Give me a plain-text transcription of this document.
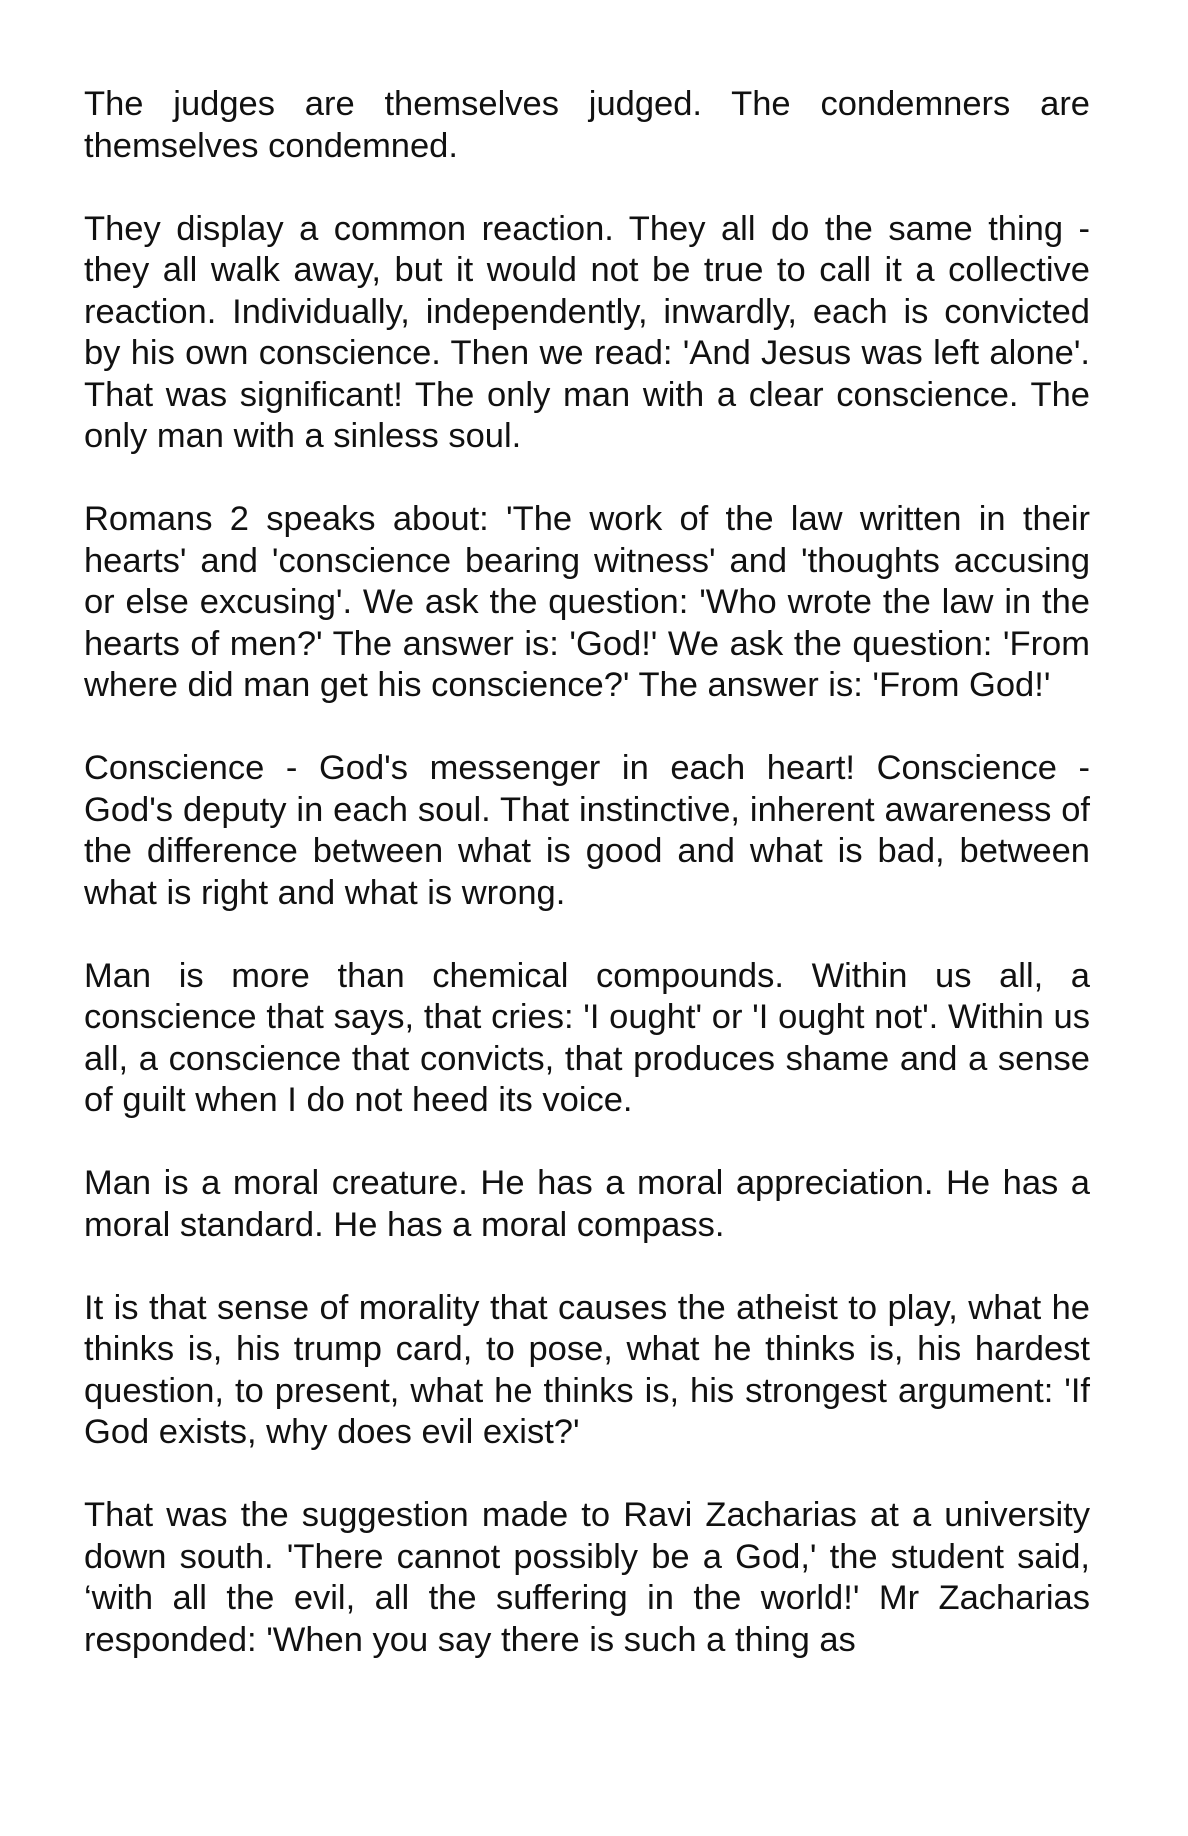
The judges are themselves judged. The condemners are themselves condemned.

They display a common reaction. They all do the same thing - they all walk away, but it would not be true to call it a collective reaction. Individually, independently, inwardly, each is convicted by his own conscience. Then we read: 'And Jesus was left alone'. That was significant! The only man with a clear conscience. The only man with a sinless soul.

Romans 2 speaks about: 'The work of the law written in their hearts' and 'conscience bearing witness' and 'thoughts accusing or else excusing'. We ask the question: 'Who wrote the law in the hearts of men?' The answer is: 'God!' We ask the question: 'From where did man get his conscience?' The answer is: 'From God!'

Conscience - God's messenger in each heart! Conscience - God's deputy in each soul. That instinctive, inherent awareness of the difference between what is good and what is bad, between what is right and what is wrong.

Man is more than chemical compounds. Within us all, a conscience that says, that cries: 'I ought' or 'I ought not'. Within us all, a conscience that convicts, that produces shame and a sense of guilt when I do not heed its voice.

Man is a moral creature. He has a moral appreciation. He has a moral standard. He has a moral compass.

It is that sense of morality that causes the atheist to play, what he thinks is, his trump card, to pose, what he thinks is, his hardest question, to present, what he thinks is, his strongest argument: 'If God exists, why does evil exist?'

That was the suggestion made to Ravi Zacharias at a university down south. 'There cannot possibly be a God,' the student said, ‘with all the evil, all the suffering in the world!' Mr Zacharias responded: 'When you say there is such a thing as
